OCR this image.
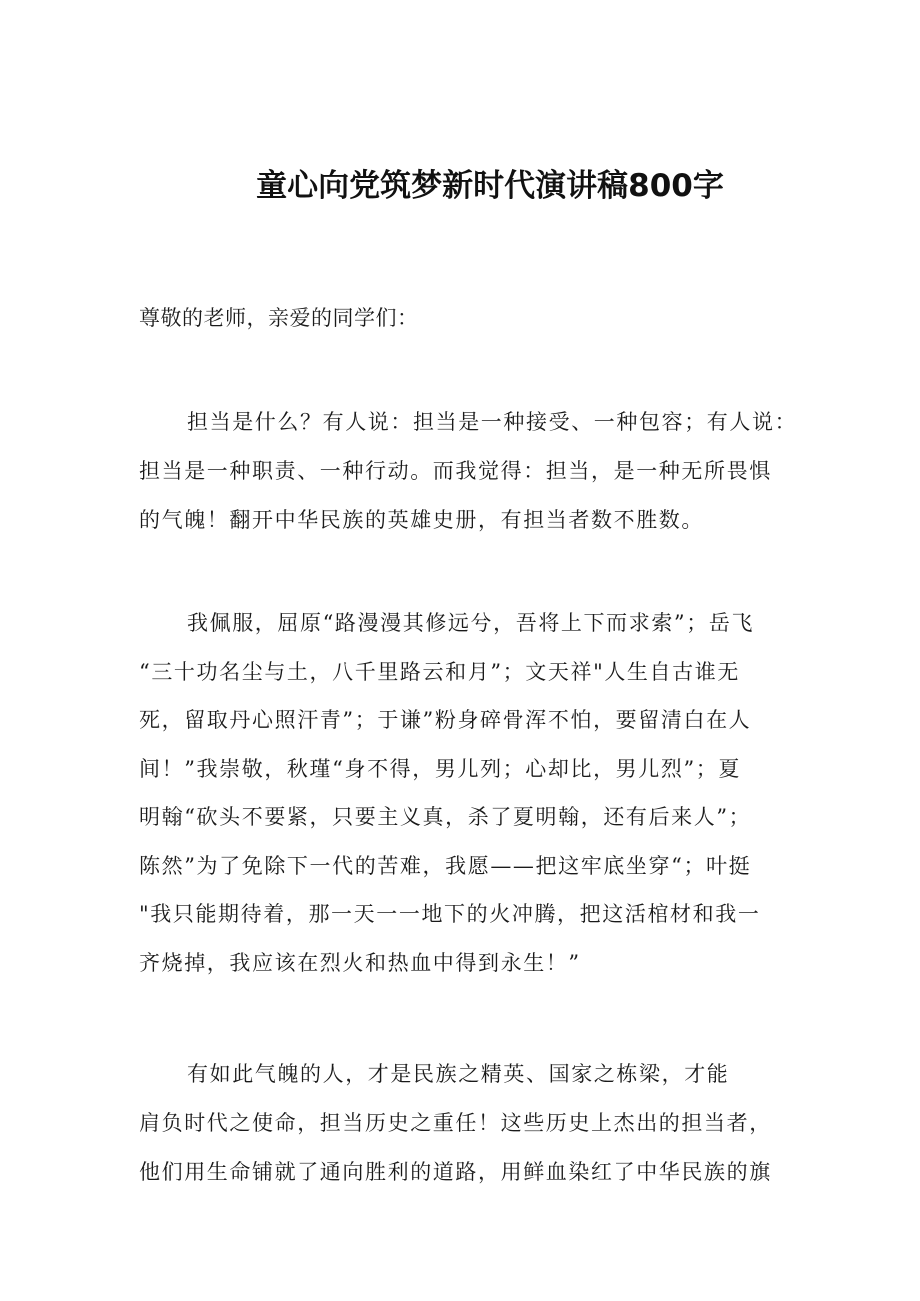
童心向党筑梦新时代演讲稿800字

尊敬的老师，亲爱的同学们：

担当是什么？有人说：担当是一种接受、一种包容；有人说：
担当是一种职责、一种行动。而我觉得：担当，是一种无所畏惧
的气魄！翻开中华民族的英雄史册，有担当者数不胜数。

我佩服，屈原“路漫漫其修远兮，吾将上下而求索”；岳飞
“三十功名尘与土，八千里路云和月”；文天祥"人生自古谁无
死，留取丹心照汗青”；于谦”粉身碎骨浑不怕，要留清白在人
间！”我崇敬，秋瑾“身不得，男儿列；心却比，男儿烈”；夏
明翰“砍头不要紧，只要主义真，杀了夏明翰，还有后来人”；
陈然”为了免除下一代的苦难，我愿——把这牢底坐穿“；叶挺
"我只能期待着，那一天一一地下的火冲腾，把这活棺材和我一
齐烧掉，我应该在烈火和热血中得到永生！”

有如此气魄的人，才是民族之精英、国家之栋梁，才能
肩负时代之使命，担当历史之重任！这些历史上杰出的担当者，
他们用生命铺就了通向胜利的道路，用鲜血染红了中华民族的旗
